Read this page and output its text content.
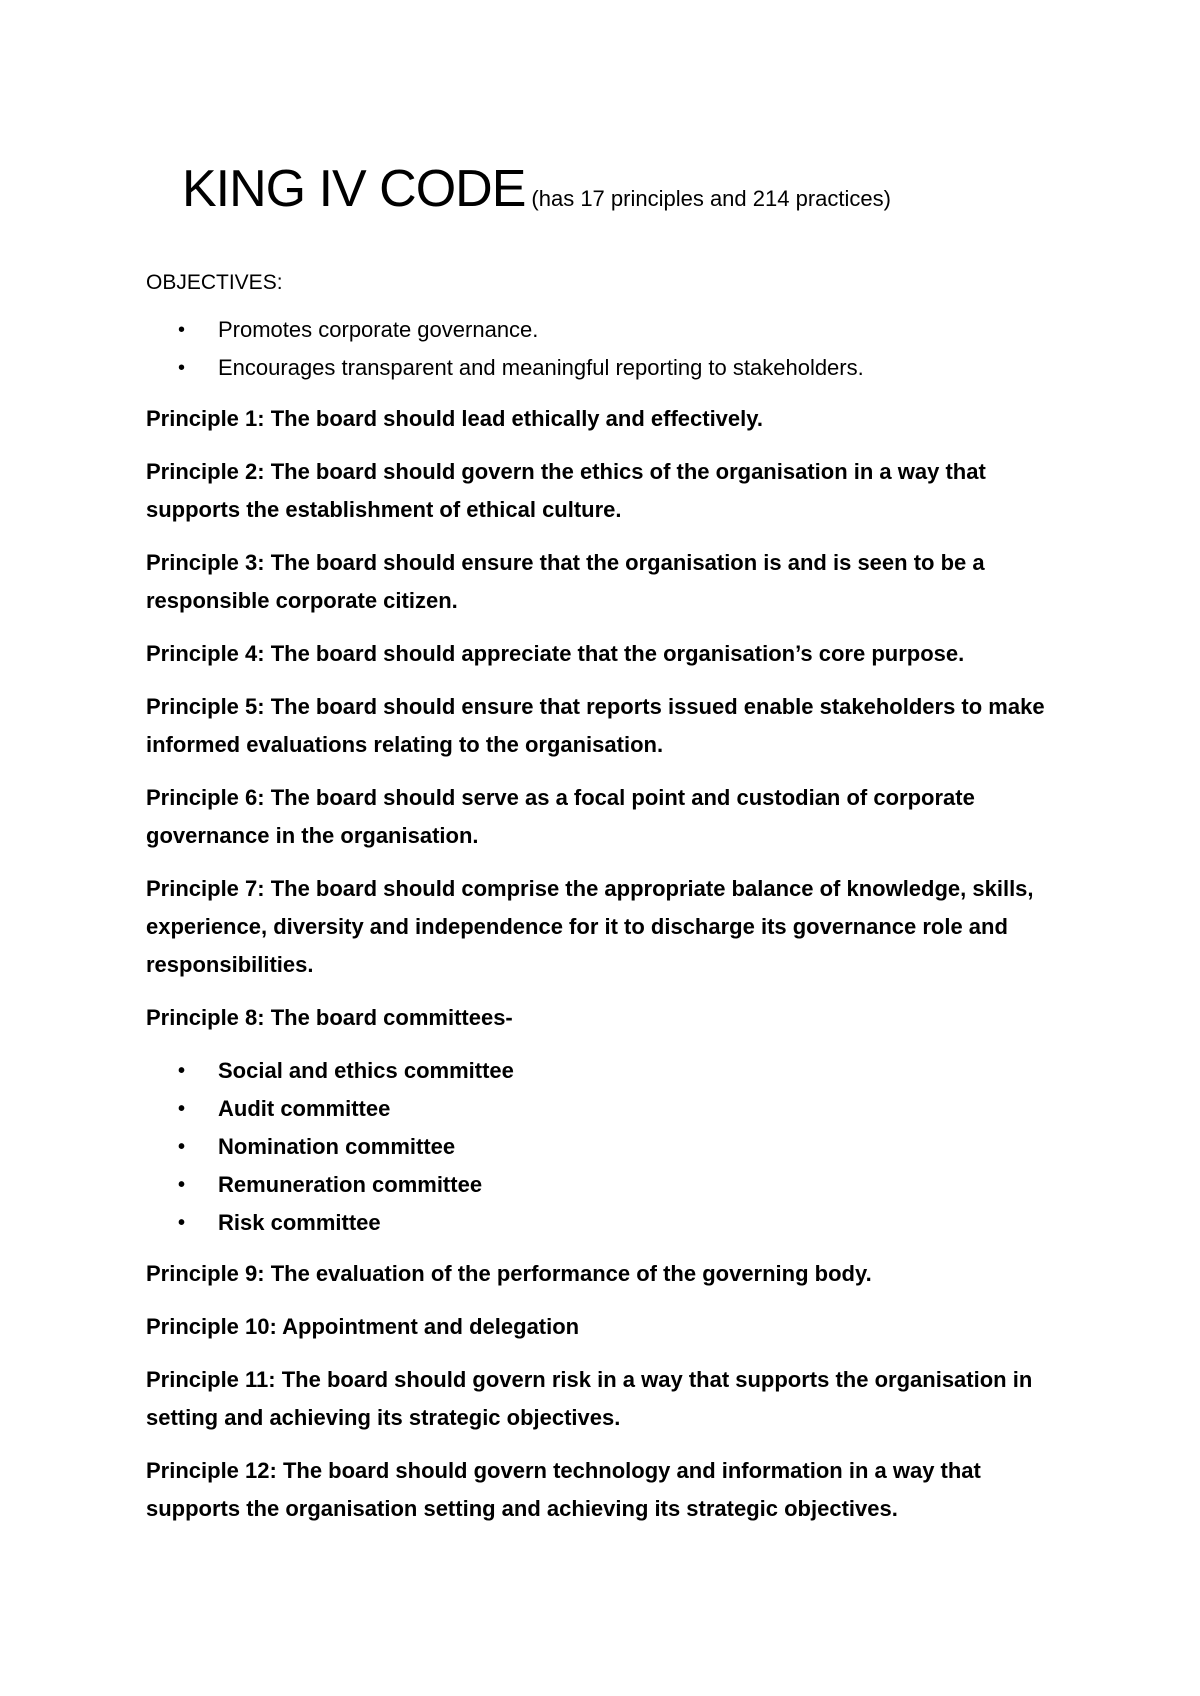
KING IV CODE (has 17 principles and 214 practices)

OBJECTIVES:

• Promotes corporate governance.
• Encourages transparent and meaningful reporting to stakeholders.

Principle 1: The board should lead ethically and effectively.

Principle 2: The board should govern the ethics of the organisation in a way that supports the establishment of ethical culture.

Principle 3: The board should ensure that the organisation is and is seen to be a responsible corporate citizen.

Principle 4: The board should appreciate that the organisation’s core purpose.

Principle 5: The board should ensure that reports issued enable stakeholders to make informed evaluations relating to the organisation.

Principle 6: The board should serve as a focal point and custodian of corporate governance in the organisation.

Principle 7: The board should comprise the appropriate balance of knowledge, skills, experience, diversity and independence for it to discharge its governance role and responsibilities.

Principle 8: The board committees-

• Social and ethics committee
• Audit committee
• Nomination committee
• Remuneration committee
• Risk committee

Principle 9: The evaluation of the performance of the governing body.

Principle 10: Appointment and delegation

Principle 11: The board should govern risk in a way that supports the organisation in setting and achieving its strategic objectives.

Principle 12: The board should govern technology and information in a way that supports the organisation setting and achieving its strategic objectives.
